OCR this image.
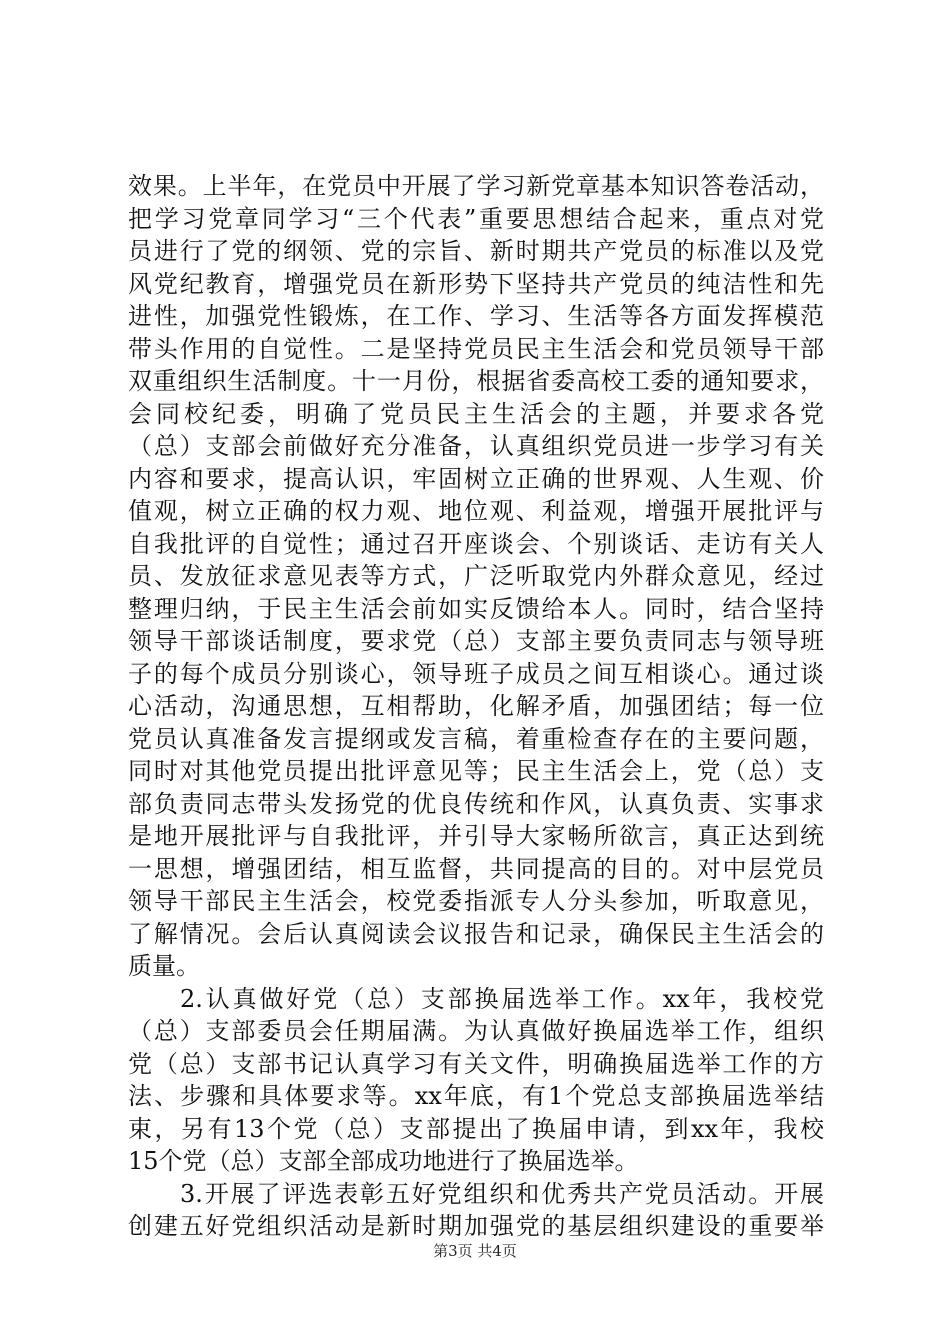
效果。上半年，在党员中开展了学习新党章基本知识答卷活动，
把学习党章同学习“三个代表”重要思想结合起来，重点对党
员进行了党的纲领、党的宗旨、新时期共产党员的标准以及党
风党纪教育，增强党员在新形势下坚持共产党员的纯洁性和先
进性，加强党性锻炼，在工作、学习、生活等各方面发挥模范
带头作用的自觉性。二是坚持党员民主生活会和党员领导干部
双重组织生活制度。十一月份，根据省委高校工委的通知要求，
会同校纪委，明确了党员民主生活会的主题，并要求各党
（总）支部会前做好充分准备，认真组织党员进一步学习有关
内容和要求，提高认识，牢固树立正确的世界观、人生观、价
值观，树立正确的权力观、地位观、利益观，增强开展批评与
自我批评的自觉性；通过召开座谈会、个别谈话、走访有关人
员、发放征求意见表等方式，广泛听取党内外群众意见，经过
整理归纳，于民主生活会前如实反馈给本人。同时，结合坚持
领导干部谈话制度，要求党（总）支部主要负责同志与领导班
子的每个成员分别谈心，领导班子成员之间互相谈心。通过谈
心活动，沟通思想，互相帮助，化解矛盾，加强团结；每一位
党员认真准备发言提纲或发言稿，着重检查存在的主要问题，
同时对其他党员提出批评意见等；民主生活会上，党（总）支
部负责同志带头发扬党的优良传统和作风，认真负责、实事求
是地开展批评与自我批评，并引导大家畅所欲言，真正达到统
一思想，增强团结，相互监督，共同提高的目的。对中层党员
领导干部民主生活会，校党委指派专人分头参加，听取意见，
了解情况。会后认真阅读会议报告和记录，确保民主生活会的
质量。
2.认真做好党（总）支部换届选举工作。xx年，我校党
（总）支部委员会任期届满。为认真做好换届选举工作，组织
党（总）支部书记认真学习有关文件，明确换届选举工作的方
法、步骤和具体要求等。xx年底，有1个党总支部换届选举结
束，另有13个党（总）支部提出了换届申请，到xx年，我校
15个党（总）支部全部成功地进行了换届选举。
3.开展了评选表彰五好党组织和优秀共产党员活动。开展
创建五好党组织活动是新时期加强党的基层组织建设的重要举
第3页 共4页
